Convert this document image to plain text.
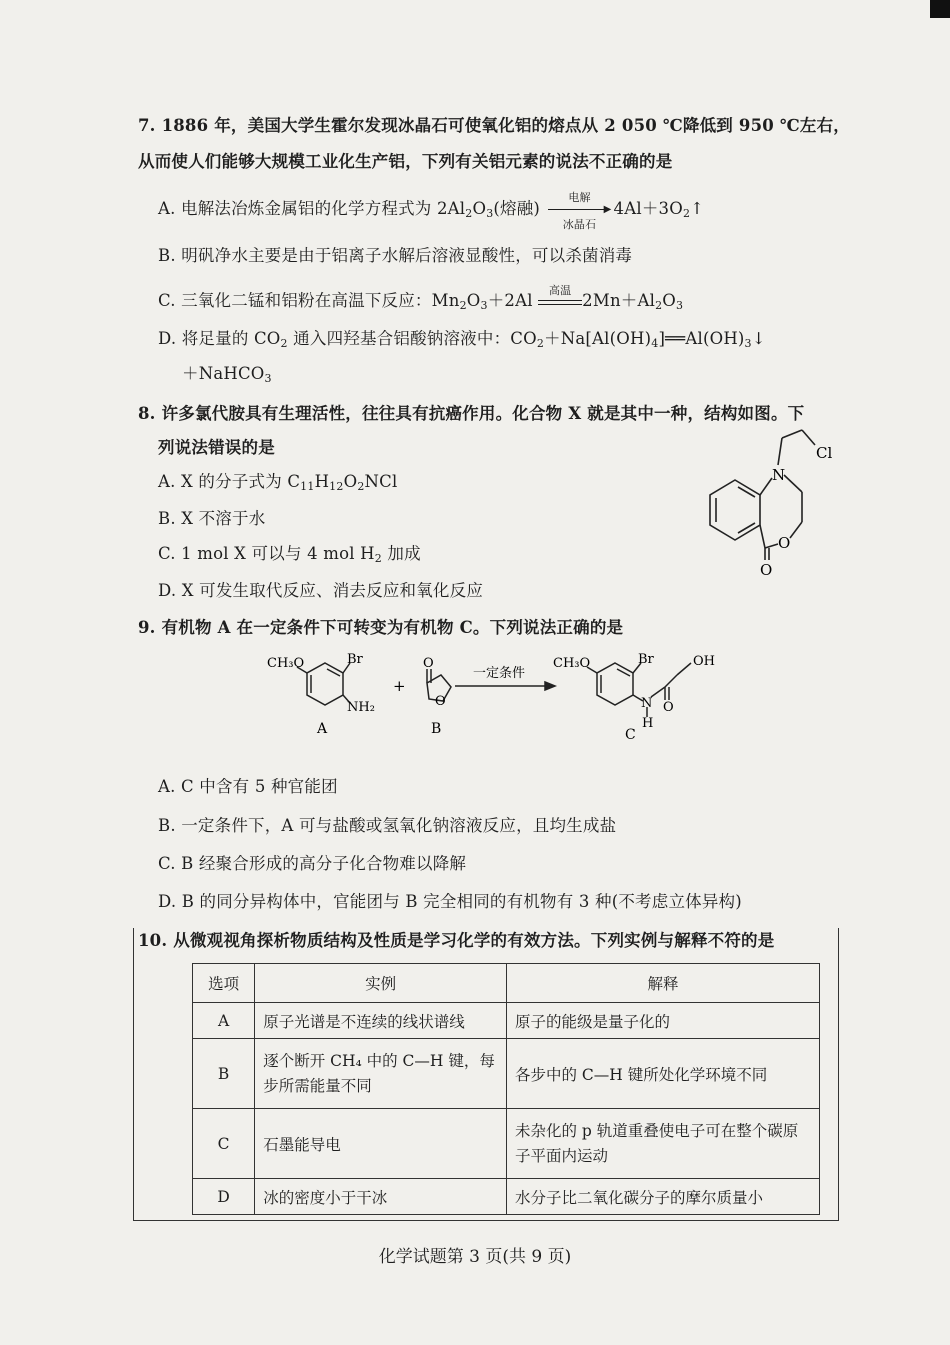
7. 1886 年，美国大学生霍尔发现冰晶石可使氧化铝的熔点从 2 050 ℃降低到 950 ℃左右，
从而使人们能够大规模工业化生产铝，下列有关铝元素的说法不正确的是
A. 电解法冶炼金属铝的化学方程式为 $2Al_2O_3$(熔融)
电解
▶
冰晶石
$4Al+3O_2↑$
B. 明矾净水主要是由于铝离子水解后溶液显酸性，可以杀菌消毒
C. 三氧化二锰和铝粉在高温下反应：$Mn_2O_3+2Al$
高温
$2Mn+Al_2O_3$
D. 将足量的 $CO_2$ 通入四羟基合铝酸钠溶液中：$CO_2+Na[Al(OH)_4]══Al(OH)_3↓$
＋NaHCO$_3$
8. 许多氯代胺具有生理活性，往往具有抗癌作用。化合物 X 就是其中一种，结构如图。下
列说法错误的是
A. X 的分子式为 $C_{11}H_{12}O_2NCl$
B. X 不溶于水
C. 1 mol X 可以与 4 mol $H_2$ 加成
D. X 可发生取代反应、消去反应和氧化反应
N
Cl
O
O
9. 有机物 A 在一定条件下可转变为有机物 C。下列说法正确的是
CH₃O	Br
NH₂
A
+
O
O
B
一定条件
CH₃O	Br	OH
N
H
O
C
A. C 中含有 5 种官能团
B. 一定条件下，A 可与盐酸或氢氧化钠溶液反应，且均生成盐
C. B 经聚合形成的高分子化合物难以降解
D. B 的同分异构体中，官能团与 B 完全相同的有机物有 3 种(不考虑立体异构)
10. 从微观视角探析物质结构及性质是学习化学的有效方法。下列实例与解释不符的是
选项	实例	解释
A	原子光谱是不连续的线状谱线	原子的能级是量子化的
B	逐个断开 CH₄ 中的 C—H 键，每步所需能量不同	各步中的 C—H 键所处化学环境不同
C	石墨能导电	未杂化的 p 轨道重叠使电子可在整个碳原子平面内运动
D	冰的密度小于干冰	水分子比二氧化碳分子的摩尔质量小
化学试题第 3 页(共 9 页)
